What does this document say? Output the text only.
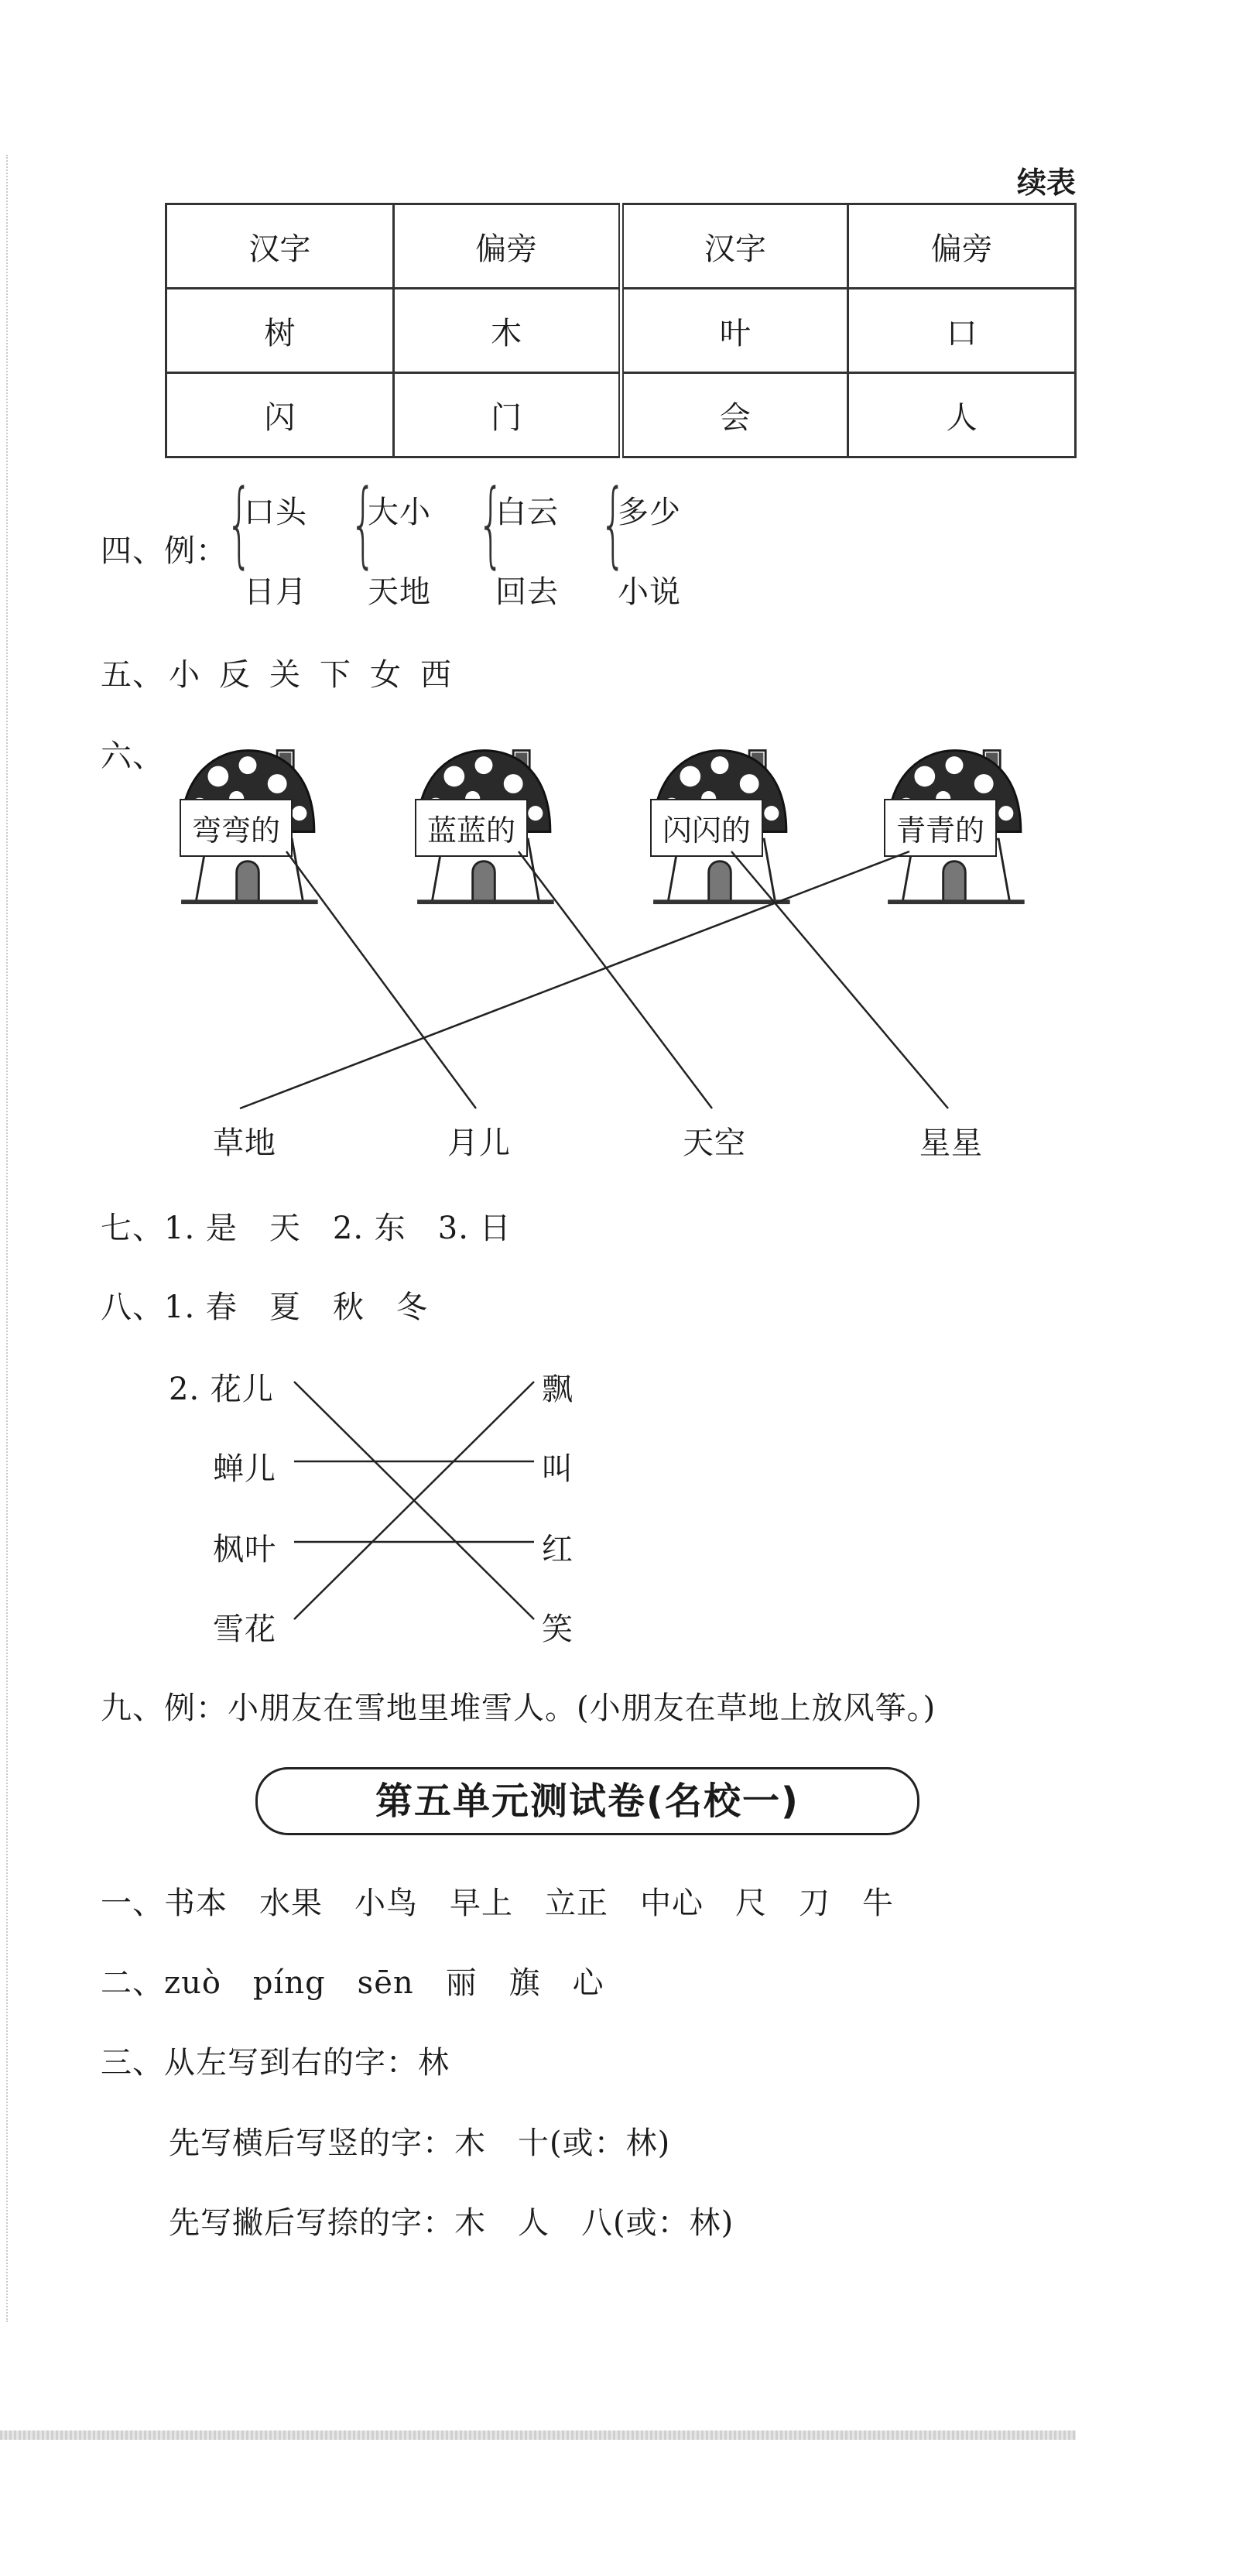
续表
汉字	偏旁	汉字	偏旁
树	木	叶	口
闪	门	会	人
四、例：
{
口头
日月
{
大小
天地
{
白云
回去
{
多少
小说
五、 小 反 关 下 女 西
六、
弯弯的	蓝蓝的	闪闪的	青青的
草地	月儿	天空	星星
七、1. 是　天　2. 东　3. 日
八、1. 春　夏　秋　冬
2. 花儿
蝉儿
枫叶
雪花
飘
叫
红
笑
九、例：小朋友在雪地里堆雪人。(小朋友在草地上放风筝。)
第五单元测试卷(名校一)
一、书本　水果　小鸟　早上　立正　中心　尺　刀　牛
二、zuò　píng　sēn　丽　旗　心
三、从左写到右的字：林
先写横后写竖的字：木　十(或：林)
先写撇后写捺的字：木　人　八(或：林)
